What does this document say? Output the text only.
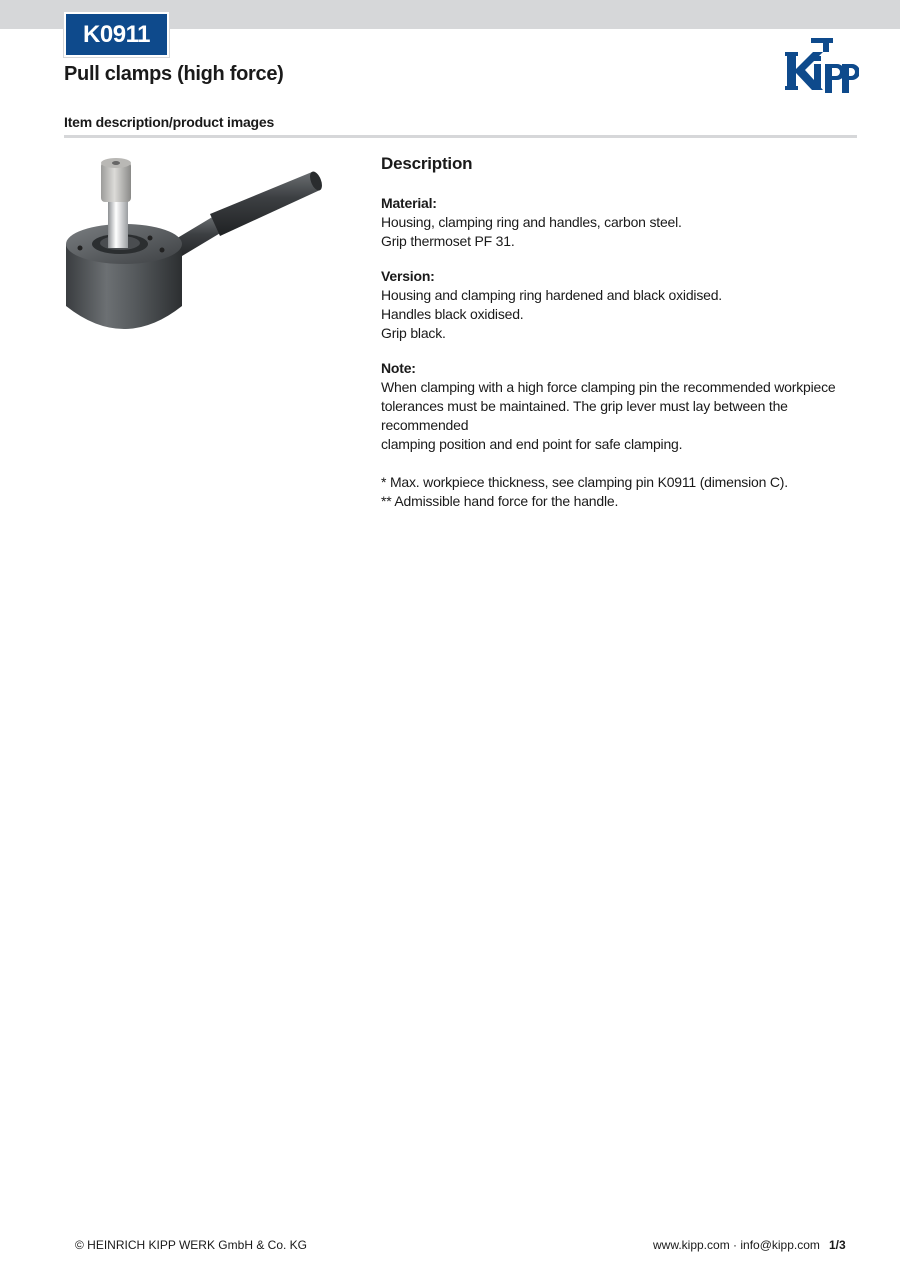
K0911
Pull clamps (high force)
Item description/product images
Description
Material:
Housing, clamping ring and handles, carbon steel.
Grip thermoset PF 31.
Version:
Housing and clamping ring hardened and black oxidised.
Handles black oxidised.
Grip black.
Note:
When clamping with a high force clamping pin the recommended workpiece
tolerances must be maintained. The grip lever must lay between the recommended
clamping position and end point for safe clamping.
* Max. workpiece thickness, see clamping pin K0911 (dimension C).
** Admissible hand force for the handle.
© HEINRICH KIPP WERK GmbH & Co. KG	www.kipp.com · info@kipp.com 1/3
